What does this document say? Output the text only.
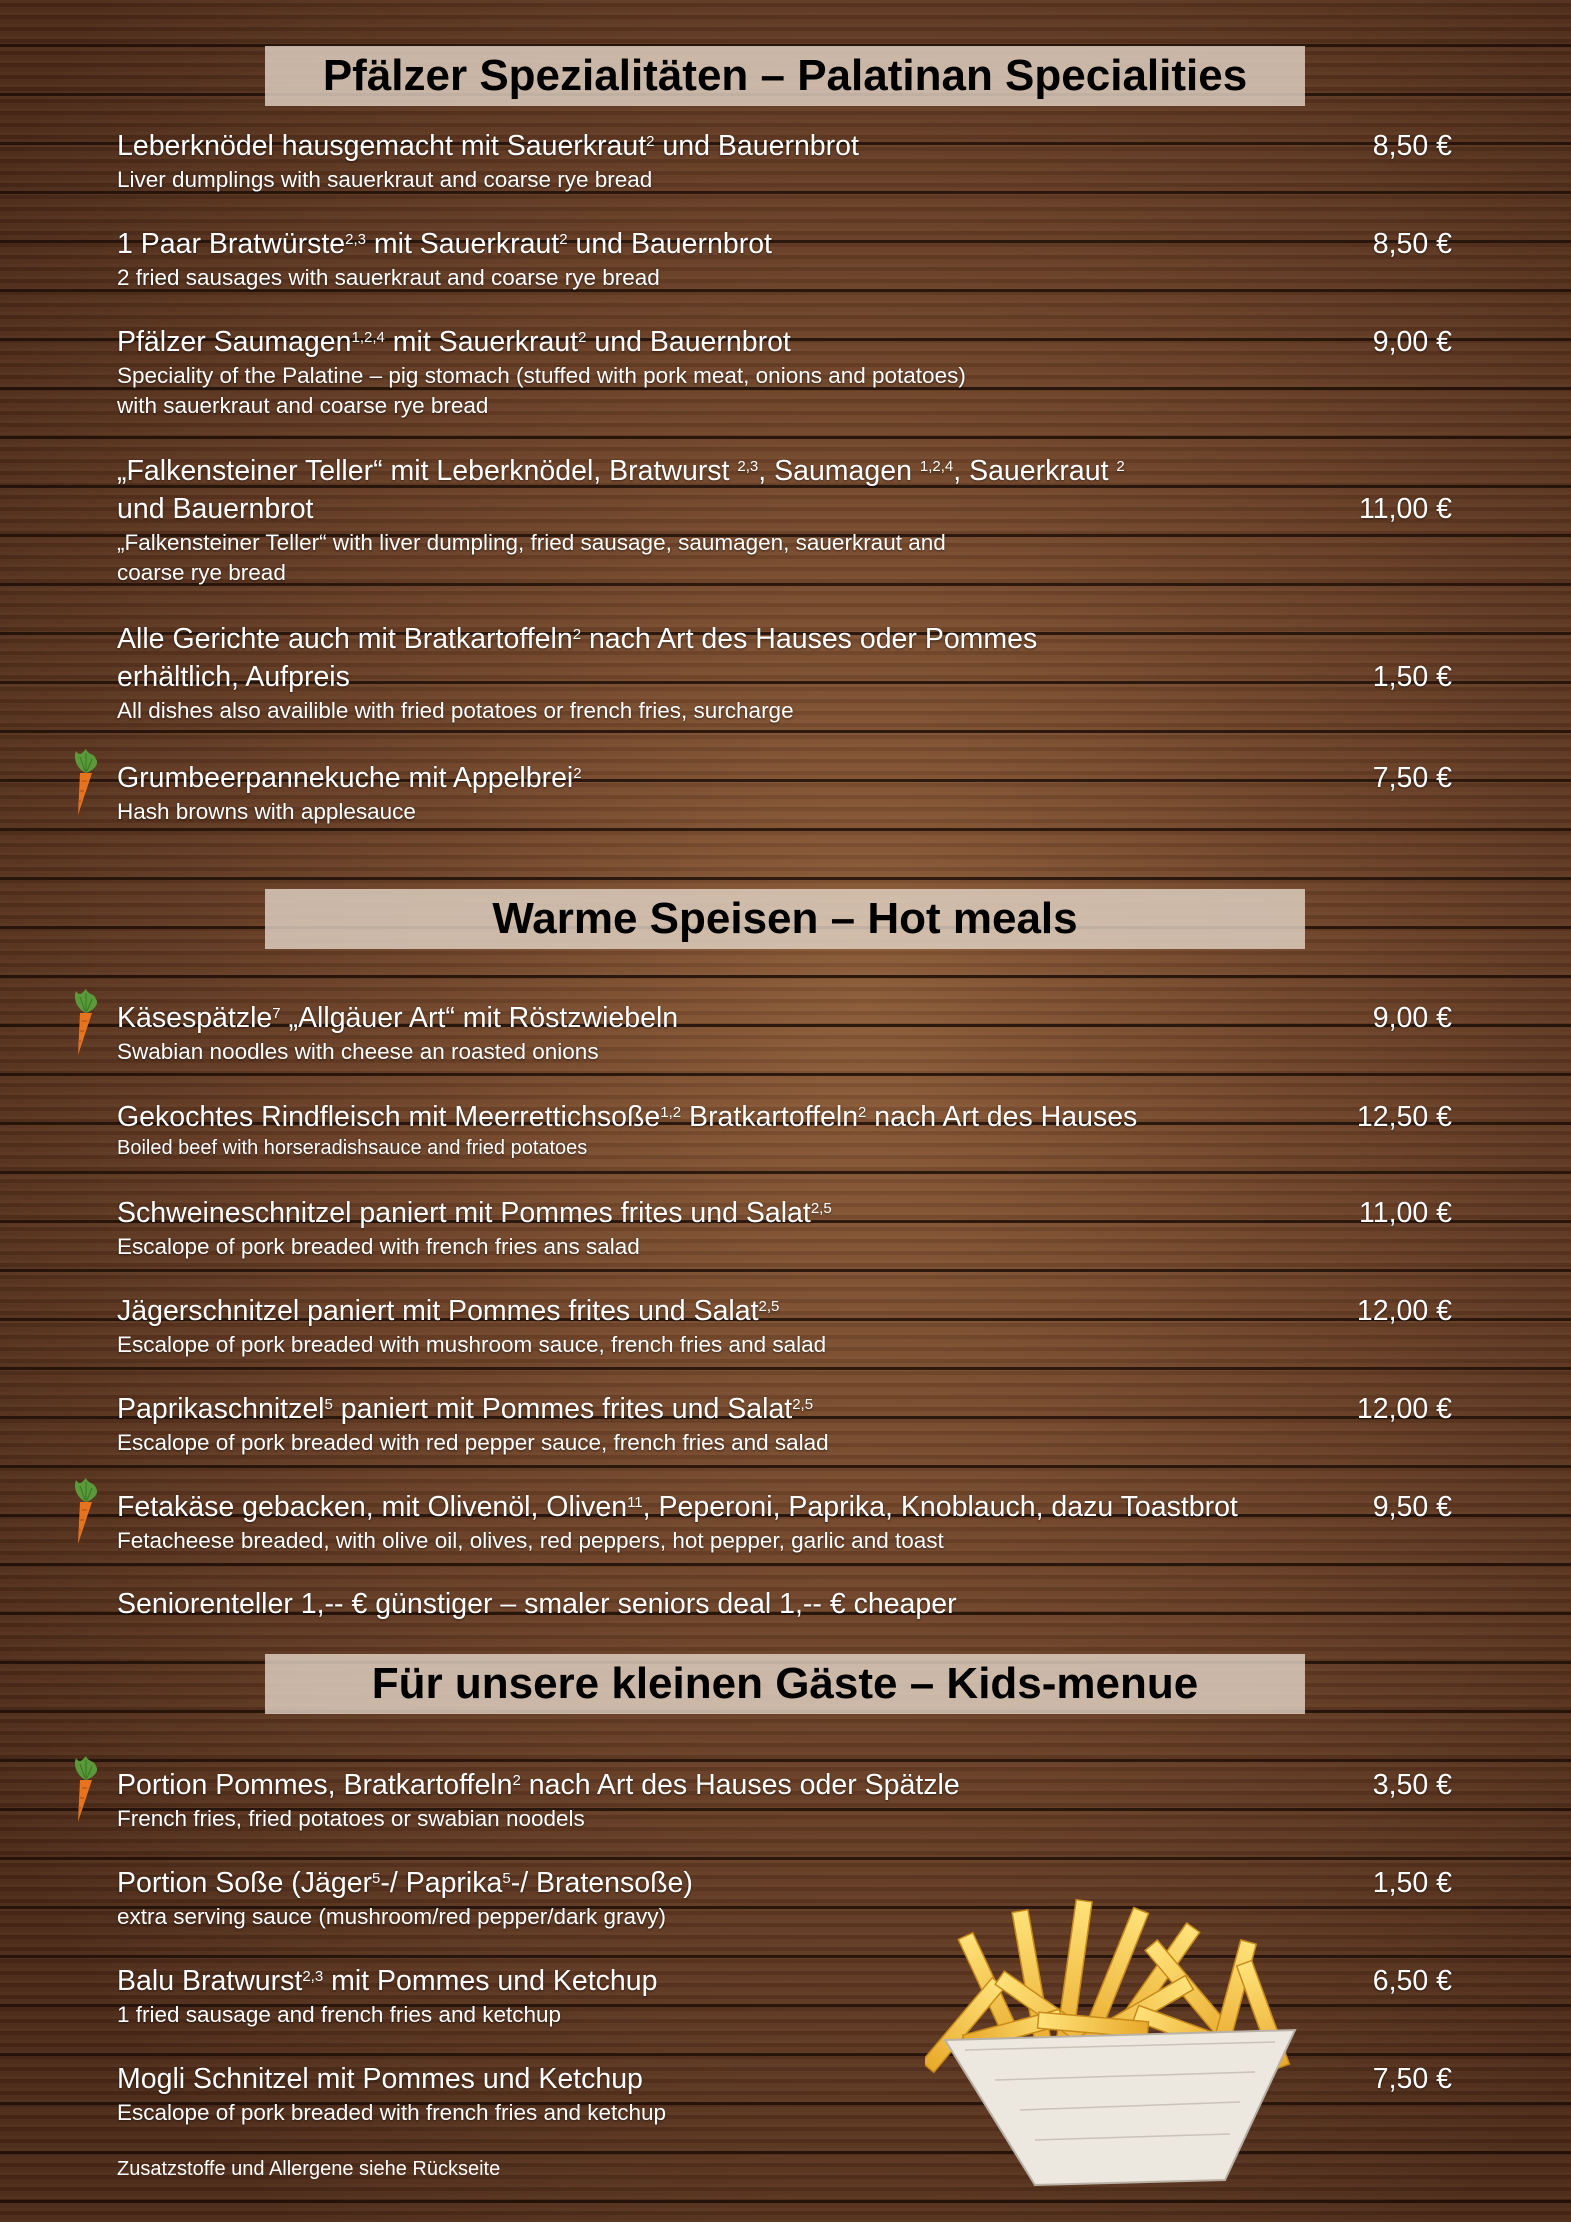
Pfälzer Spezialitäten – Palatinan Specialities
Leberknödel hausgemacht mit Sauerkraut$^2$ und Bauernbrot
Liver dumplings with sauerkraut and coarse rye bread
8,50 €
1 Paar Bratwürste$^{2,3}$ mit Sauerkraut$^2$ und Bauernbrot
2 fried sausages with sauerkraut and coarse rye bread
8,50 €
Pfälzer Saumagen$^{1,2,4}$ mit Sauerkraut$^2$ und Bauernbrot
Speciality of the Palatine – pig stomach (stuffed with pork meat, onions and potatoes)
with sauerkraut and coarse rye bread
9,00 €
„Falkensteiner Teller“ mit Leberknödel, Bratwurst $^{2,3}$, Saumagen $^{1,2,4}$, Sauerkraut $^2$
und Bauernbrot
„Falkensteiner Teller“ with liver dumpling, fried sausage, saumagen, sauerkraut and
coarse rye bread
11,00 €
Alle Gerichte auch mit Bratkartoffeln$^2$ nach Art des Hauses oder Pommes
erhältlich, Aufpreis
All dishes also availible with fried potatoes or french fries, surcharge
1,50 €
Grumbeerpannekuche mit Appelbrei$^2$
Hash browns with applesauce
7,50 €
Warme Speisen – Hot meals
Käsespätzle$^7$ „Allgäuer Art“ mit Röstzwiebeln
Swabian noodles with cheese an roasted onions
9,00 €
Gekochtes Rindfleisch mit Meerrettichsoße$^{1,2}$ Bratkartoffeln$^2$ nach Art des Hauses
Boiled beef with horseradishsauce and fried potatoes
12,50 €
Schweineschnitzel paniert mit Pommes frites und Salat$^{2,5}$
Escalope of pork breaded with french fries ans salad
11,00 €
Jägerschnitzel paniert mit Pommes frites und Salat$^{2,5}$
Escalope of pork breaded with mushroom sauce, french fries and salad
12,00 €
Paprikaschnitzel$^5$ paniert mit Pommes frites und Salat$^{2,5}$
Escalope of pork breaded with red pepper sauce, french fries and salad
12,00 €
Fetakäse gebacken, mit Olivenöl, Oliven$^{11}$, Peperoni, Paprika, Knoblauch, dazu Toastbrot
Fetacheese breaded, with olive oil, olives, red peppers, hot pepper, garlic and toast
9,50 €
Seniorenteller 1,-- € günstiger – smaler seniors deal 1,-- € cheaper
Für unsere kleinen Gäste – Kids-menue
Portion Pommes, Bratkartoffeln$^2$ nach Art des Hauses oder Spätzle
French fries, fried potatoes or swabian noodels
3,50 €
Portion Soße (Jäger$^5$-/ Paprika$^5$-/ Bratensoße)
extra serving sauce (mushroom/red pepper/dark gravy)
1,50 €
Balu Bratwurst$^{2,3}$ mit Pommes und Ketchup
1 fried sausage and french fries and ketchup
6,50 €
Mogli Schnitzel mit Pommes und Ketchup
Escalope of pork breaded with french fries and ketchup
7,50 €
Zusatzstoffe und Allergene siehe Rückseite
